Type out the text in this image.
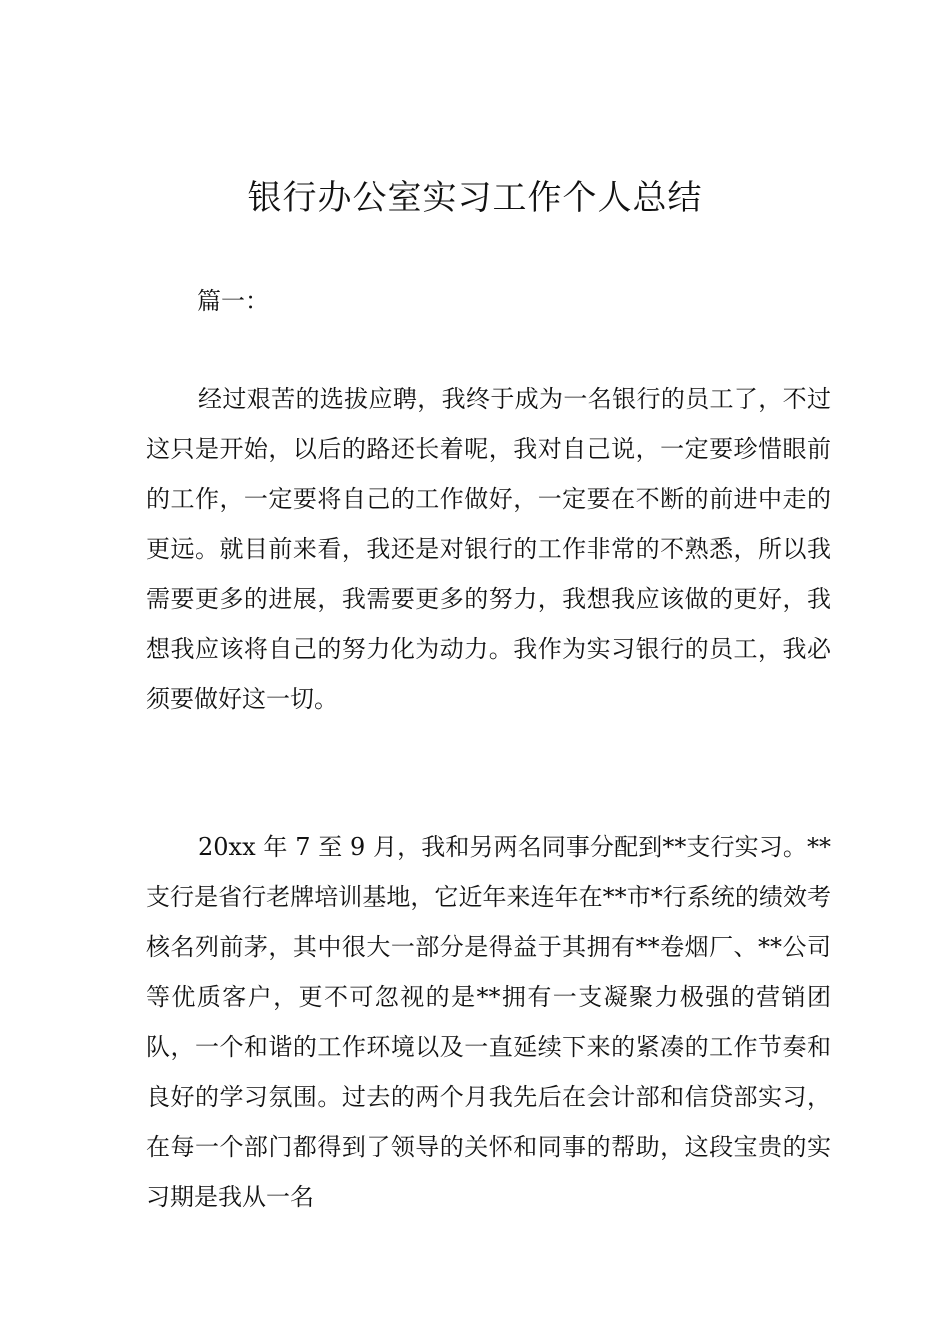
银行办公室实习工作个人总结

篇一：

经过艰苦的选拔应聘，我终于成为一名银行的员工了，不过这只是开始，以后的路还长着呢，我对自己说，一定要珍惜眼前的工作，一定要将自己的工作做好，一定要在不断的前进中走的更远。就目前来看，我还是对银行的工作非常的不熟悉，所以我需要更多的进展，我需要更多的努力，我想我应该做的更好，我想我应该将自己的努力化为动力。我作为实习银行的员工，我必须要做好这一切。

20xx 年 7 至 9 月，我和另两名同事分配到**支行实习。**支行是省行老牌培训基地，它近年来连年在**市*行系统的绩效考核名列前茅，其中很大一部分是得益于其拥有**卷烟厂、**公司等优质客户，更不可忽视的是**拥有一支凝聚力极强的营销团队，一个和谐的工作环境以及一直延续下来的紧凑的工作节奏和良好的学习氛围。过去的两个月我先后在会计部和信贷部实习，在每一个部门都得到了领导的关怀和同事的帮助，这段宝贵的实习期是我从一名
